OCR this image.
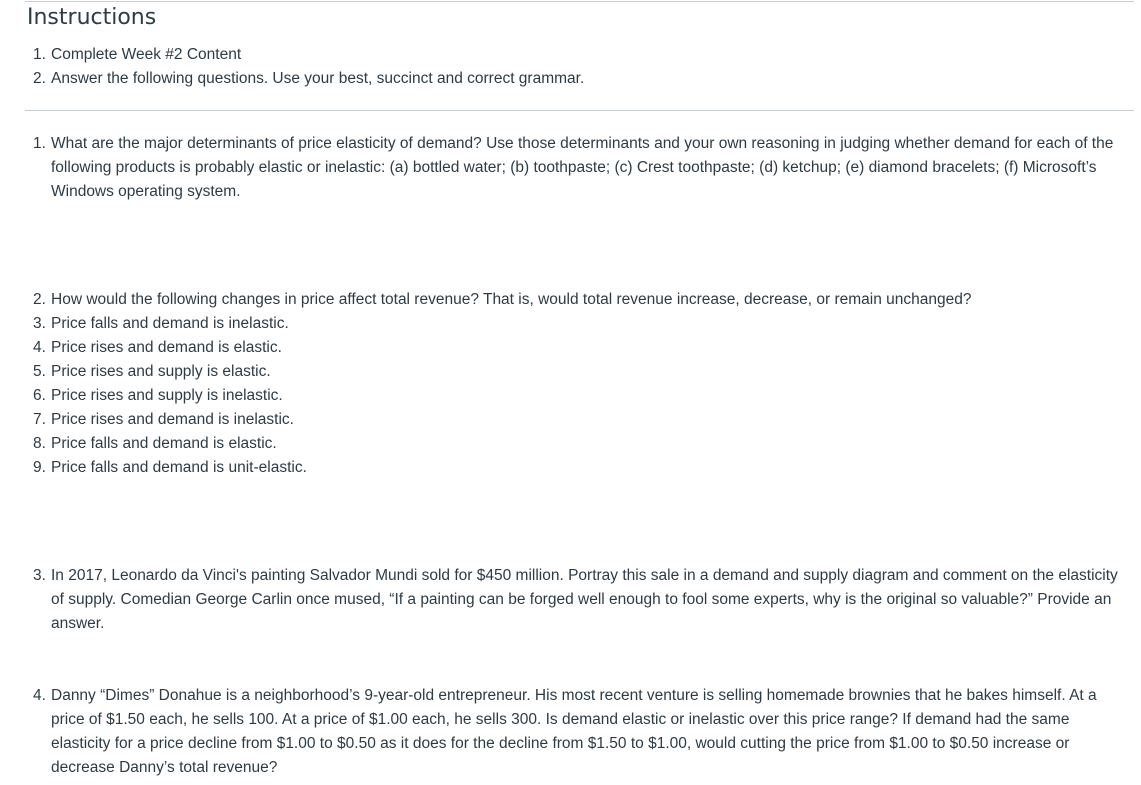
Instructions
1. Complete Week #2 Content
2. Answer the following questions. Use your best, succinct and correct grammar.
1. What are the major determinants of price elasticity of demand? Use those determinants and your own reasoning in judging whether demand for each of the following products is probably elastic or inelastic: (a) bottled water; (b) toothpaste; (c) Crest toothpaste; (d) ketchup; (e) diamond bracelets; (f) Microsoft’s Windows operating system.
2. How would the following changes in price affect total revenue? That is, would total revenue increase, decrease, or remain unchanged?
3. Price falls and demand is inelastic.
4. Price rises and demand is elastic.
5. Price rises and supply is elastic.
6. Price rises and supply is inelastic.
7. Price rises and demand is inelastic.
8. Price falls and demand is elastic.
9. Price falls and demand is unit-elastic.
3. In 2017, Leonardo da Vinci's painting Salvador Mundi sold for $450 million. Portray this sale in a demand and supply diagram and comment on the elasticity of supply. Comedian George Carlin once mused, “If a painting can be forged well enough to fool some experts, why is the original so valuable?” Provide an answer.
4. Danny “Dimes” Donahue is a neighborhood’s 9-year-old entrepreneur. His most recent venture is selling homemade brownies that he bakes himself. At a price of $1.50 each, he sells 100. At a price of $1.00 each, he sells 300. Is demand elastic or inelastic over this price range? If demand had the same elasticity for a price decline from $1.00 to $0.50 as it does for the decline from $1.50 to $1.00, would cutting the price from $1.00 to $0.50 increase or decrease Danny’s total revenue?
